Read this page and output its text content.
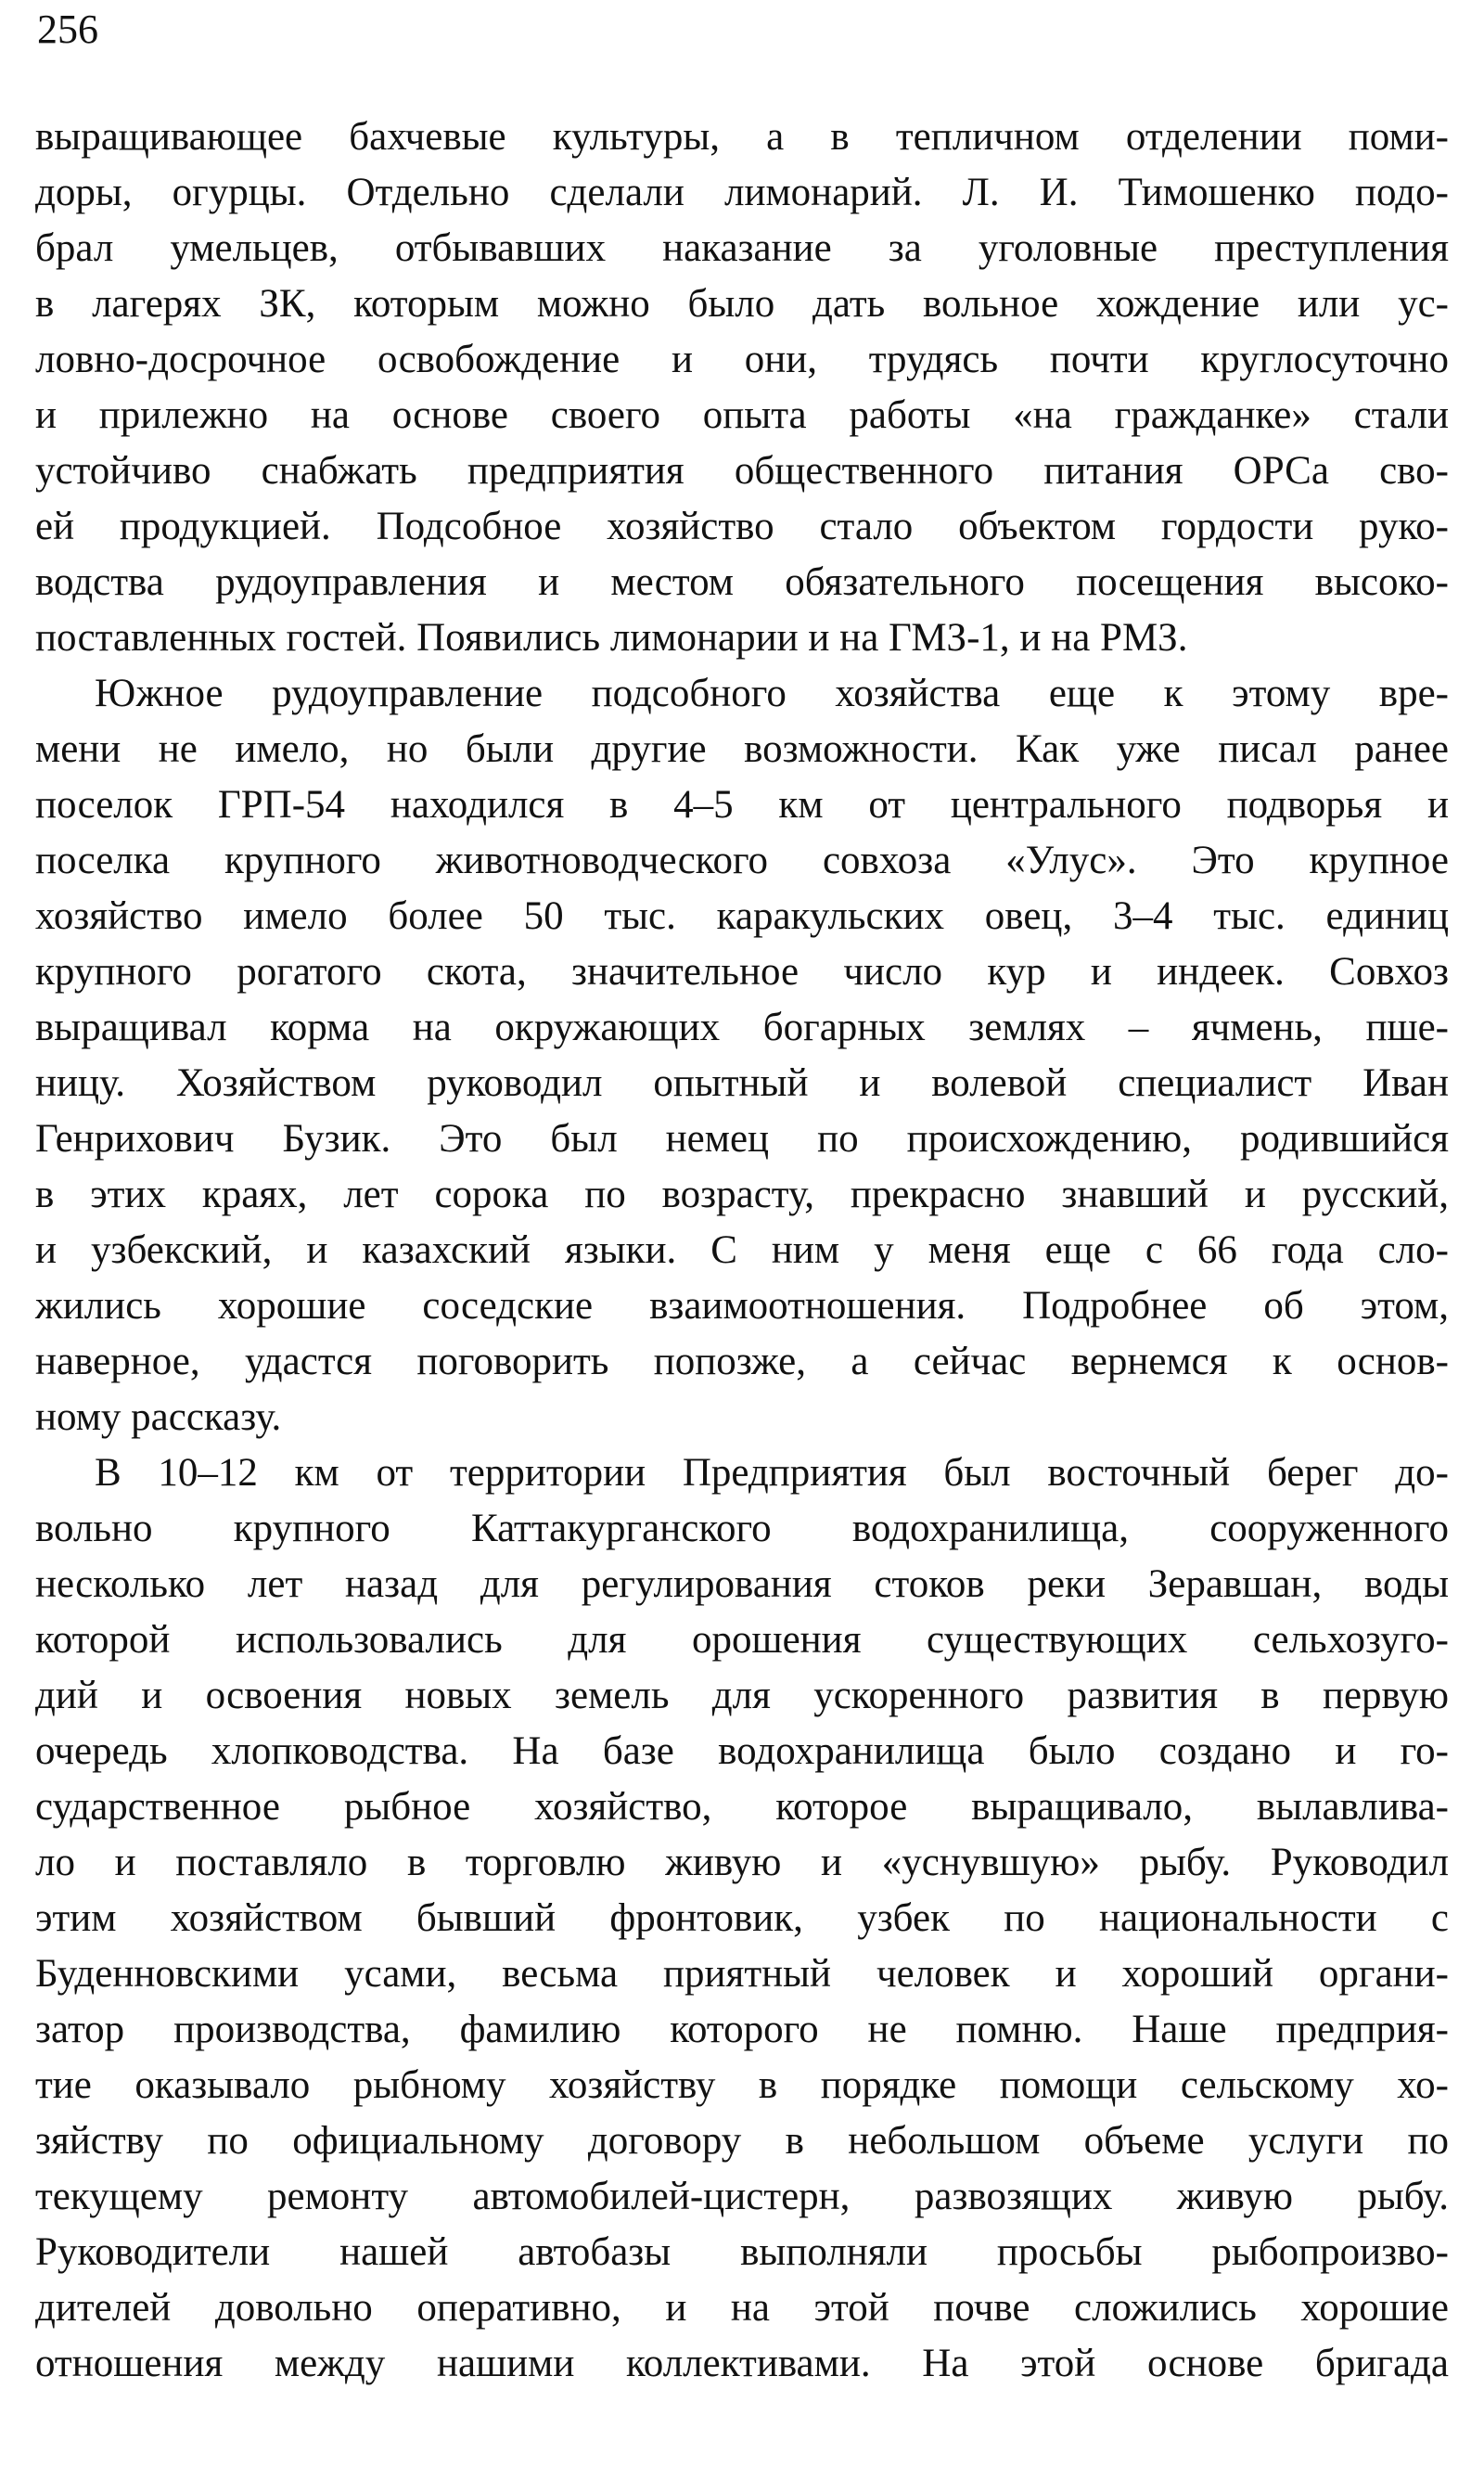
256
выращивающее бахчевые культуры, а в тепличном отделении поми-
доры, огурцы. Отдельно сделали лимонарий. Л. И. Тимошенко подо-
брал умельцев, отбывавших наказание за уголовные преступления
в лагерях ЗК, которым можно было дать вольное хождение или ус-
ловно-досрочное освобождение и они, трудясь почти круглосуточно
и прилежно на основе своего опыта работы «на гражданке» стали
устойчиво снабжать предприятия общественного питания ОРСа сво-
ей продукцией. Подсобное хозяйство стало объектом гордости руко-
водства рудоуправления и местом обязательного посещения высоко-
поставленных гостей. Появились лимонарии и на ГМЗ-1, и на РМЗ.
Южное рудоуправление подсобного хозяйства еще к этому вре-
мени не имело, но были другие возможности. Как уже писал ранее
поселок ГРП-54 находился в 4–5 км от центрального подворья и
поселка крупного животноводческого совхоза «Улус». Это крупное
хозяйство имело более 50 тыс. каракульских овец, 3–4 тыс. единиц
крупного рогатого скота, значительное число кур и индеек. Совхоз
выращивал корма на окружающих богарных землях – ячмень, пше-
ницу. Хозяйством руководил опытный и волевой специалист Иван
Генрихович Бузик. Это был немец по происхождению, родившийся
в этих краях, лет сорока по возрасту, прекрасно знавший и русский,
и узбекский, и казахский языки. С ним у меня еще с 66 года сло-
жились хорошие соседские взаимоотношения. Подробнее об этом,
наверное, удастся поговорить попозже, а сейчас вернемся к основ-
ному рассказу.
В 10–12 км от территории Предприятия был восточный берег до-
вольно крупного Каттакурганского водохранилища, сооруженного
несколько лет назад для регулирования стоков реки Зеравшан, воды
которой использовались для орошения существующих сельхозуго-
дий и освоения новых земель для ускоренного развития в первую
очередь хлопководства. На базе водохранилища было создано и го-
сударственное рыбное хозяйство, которое выращивало, вылавлива-
ло и поставляло в торговлю живую и «уснувшую» рыбу. Руководил
этим хозяйством бывший фронтовик, узбек по национальности с
Буденновскими усами, весьма приятный человек и хороший органи-
затор производства, фамилию которого не помню. Наше предприя-
тие оказывало рыбному хозяйству в порядке помощи сельскому хо-
зяйству по официальному договору в небольшом объеме услуги по
текущему ремонту автомобилей-цистерн, развозящих живую рыбу.
Руководители нашей автобазы выполняли просьбы рыбопроизво-
дителей довольно оперативно, и на этой почве сложились хорошие
отношения между нашими коллективами. На этой основе бригада
